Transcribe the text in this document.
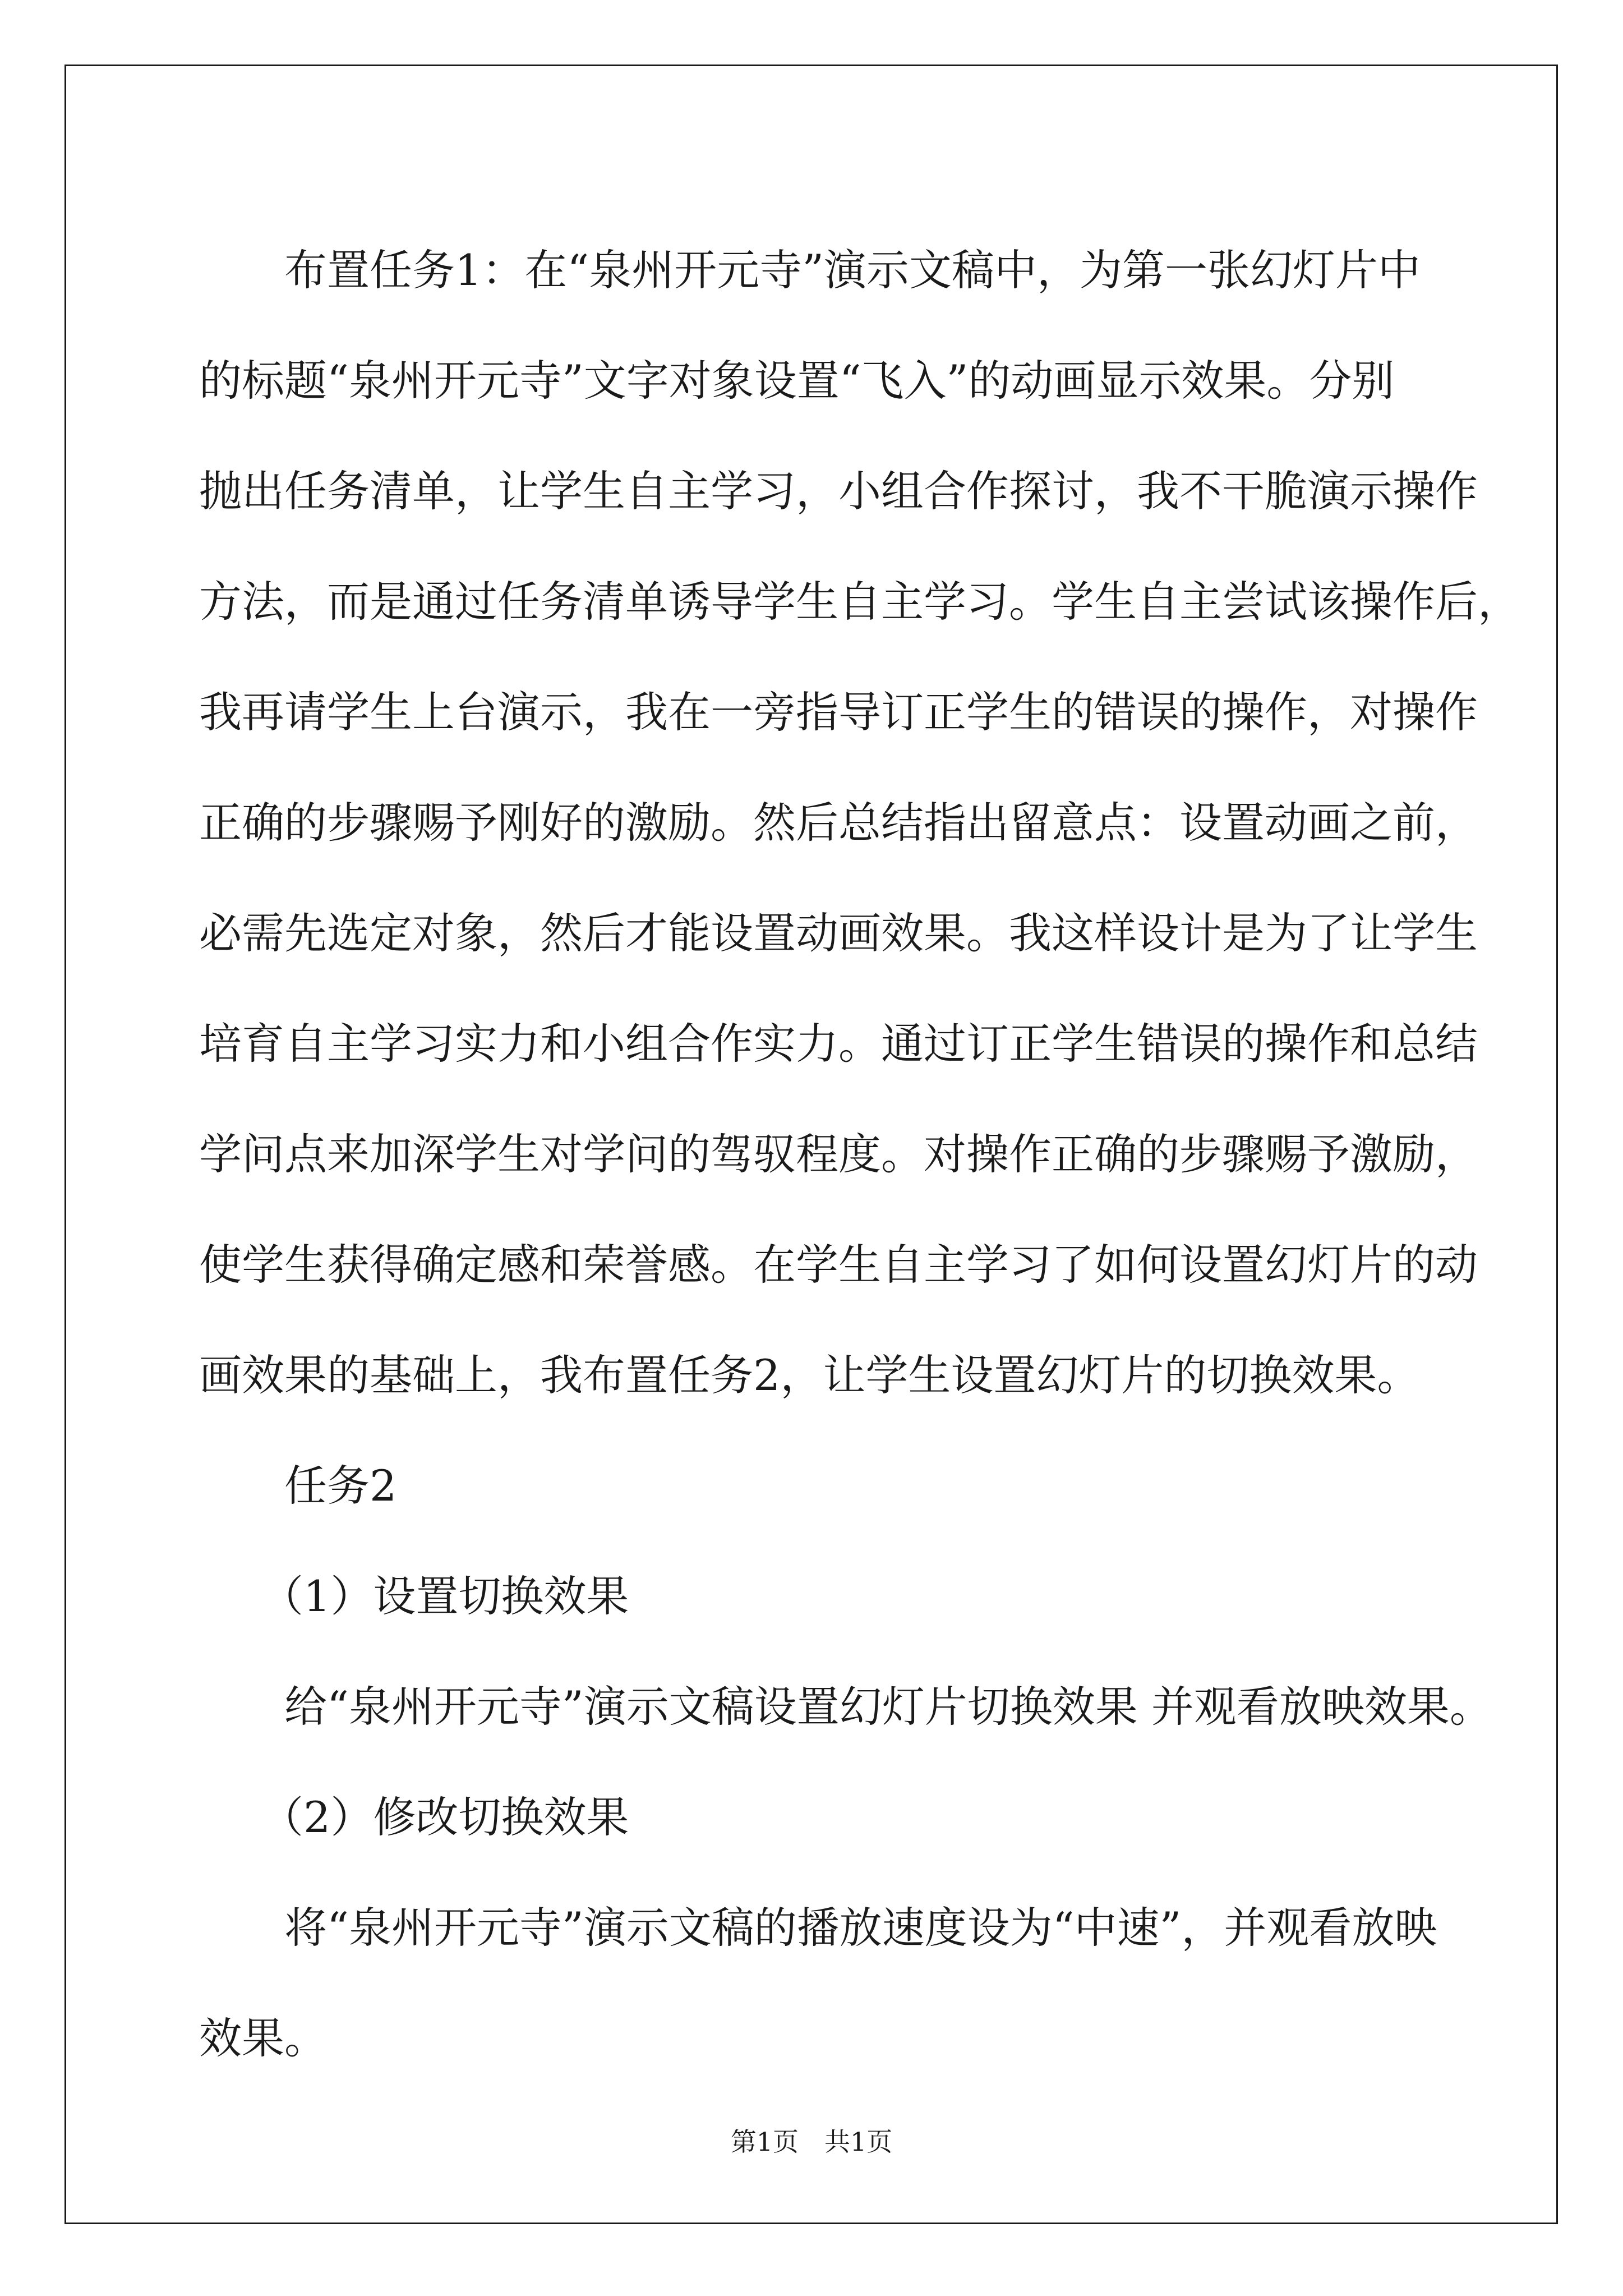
布置任务1：在“泉州开元寺”演示文稿中，为第一张幻灯片中
的标题“泉州开元寺”文字对象设置“飞入”的动画显示效果。分别
抛出任务清单，让学生自主学习，小组合作探讨，我不干脆演示操作
方法，而是通过任务清单诱导学生自主学习。学生自主尝试该操作后，
我再请学生上台演示，我在一旁指导订正学生的错误的操作，对操作
正确的步骤赐予刚好的激励。然后总结指出留意点：设置动画之前，
必需先选定对象，然后才能设置动画效果。我这样设计是为了让学生
培育自主学习实力和小组合作实力。通过订正学生错误的操作和总结
学问点来加深学生对学问的驾驭程度。对操作正确的步骤赐予激励，
使学生获得确定感和荣誉感。在学生自主学习了如何设置幻灯片的动
画效果的基础上，我布置任务2，让学生设置幻灯片的切换效果。
任务2
（1）设置切换效果
给“泉州开元寺”演示文稿设置幻灯片切换效果 并观看放映效果。
（2）修改切换效果
将“泉州开元寺”演示文稿的播放速度设为“中速”，并观看放映
效果。
第1页　共1页
